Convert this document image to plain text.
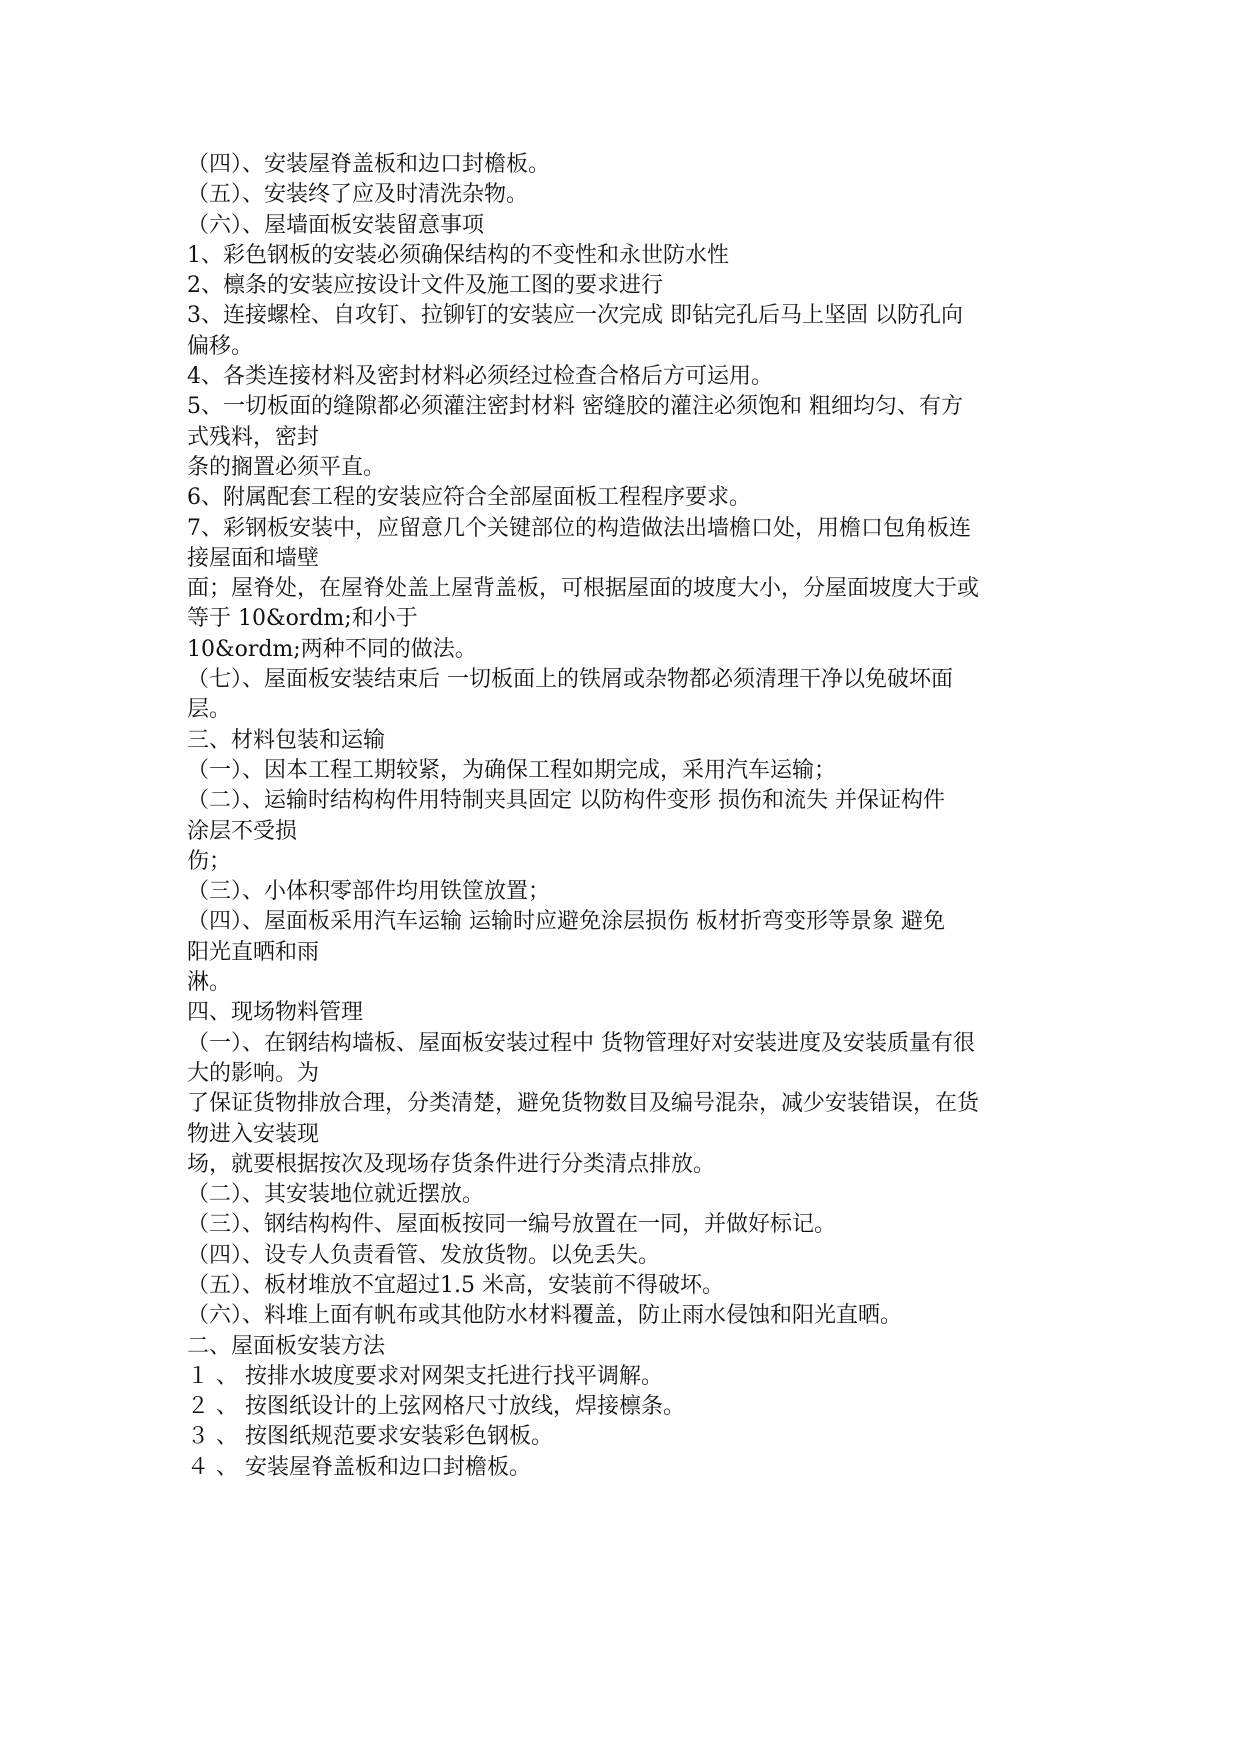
（四）、安装屋脊盖板和边口封檐板。
（五）、安装终了应及时清洗杂物。
（六）、屋墙面板安装留意事项
1、彩色钢板的安装必须确保结构的不变性和永世防水性
2、檩条的安装应按设计文件及施工图的要求进行
3、连接螺栓、自攻钉、拉铆钉的安装应一次完成 即钻完孔后马上坚固 以防孔向
偏移。
4、各类连接材料及密封材料必须经过检查合格后方可运用。
5、一切板面的缝隙都必须灌注密封材料 密缝胶的灌注必须饱和 粗细均匀、有方
式残料，密封
条的搁置必须平直。
6、附属配套工程的安装应符合全部屋面板工程程序要求。
7、彩钢板安装中，应留意几个关键部位的构造做法出墙檐口处，用檐口包角板连
接屋面和墙壁
面；屋脊处，在屋脊处盖上屋背盖板，可根据屋面的坡度大小，分屋面坡度大于或
等于 10&ordm;和小于
10&ordm;两种不同的做法。
（七）、屋面板安装结束后 一切板面上的铁屑或杂物都必须清理干净以免破坏面
层。
三、材料包装和运输
（一）、因本工程工期较紧，为确保工程如期完成，采用汽车运输；
（二）、运输时结构构件用特制夹具固定 以防构件变形 损伤和流失 并保证构件
涂层不受损
伤；
（三）、小体积零部件均用铁筐放置；
（四）、屋面板采用汽车运输 运输时应避免涂层损伤 板材折弯变形等景象 避免
阳光直晒和雨
淋。
四、现场物料管理
（一）、在钢结构墙板、屋面板安装过程中 货物管理好对安装进度及安装质量有很
大的影响。为
了保证货物排放合理，分类清楚，避免货物数目及编号混杂，减少安装错误，在货
物进入安装现
场，就要根据按次及现场存货条件进行分类清点排放。
（二）、其安装地位就近摆放。
（三）、钢结构构件、屋面板按同一编号放置在一同，并做好标记。
（四）、设专人负责看管、发放货物。以免丢失。
（五）、板材堆放不宜超过1.5 米高，安装前不得破坏。
（六）、料堆上面有帆布或其他防水材料覆盖，防止雨水侵蚀和阳光直晒。
二、屋面板安装方法
１ 、 按排水坡度要求对网架支托进行找平调解。
２ 、 按图纸设计的上弦网格尺寸放线，焊接檩条。
３ 、 按图纸规范要求安装彩色钢板。
４ 、 安装屋脊盖板和边口封檐板。
